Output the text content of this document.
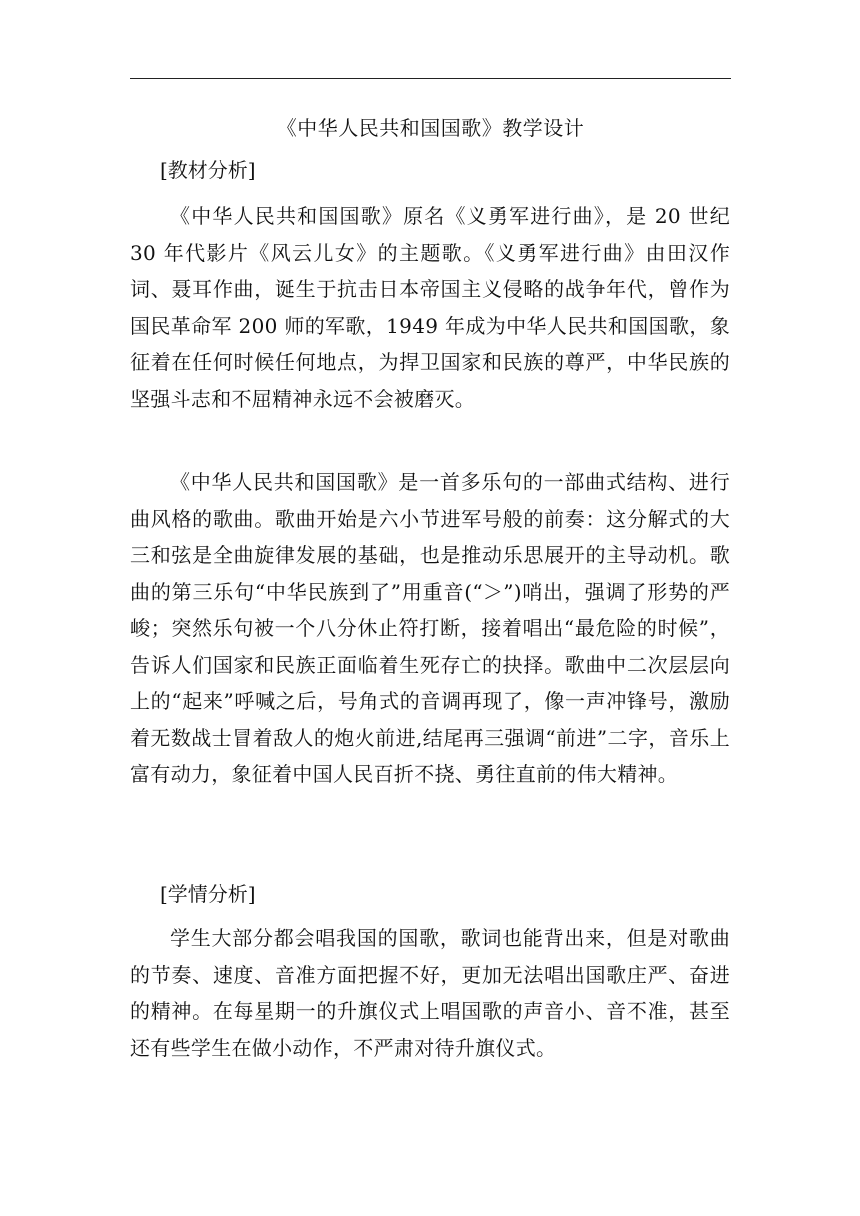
《中华人民共和国国歌》教学设计
[教材分析]
《中华人民共和国国歌》原名《义勇军进行曲》，是 20 世纪 30 年代影片《风云儿女》的主题歌。《义勇军进行曲》由田汉作词、聂耳作曲，诞生于抗击日本帝国主义侵略的战争年代，曾作为国民革命军 200 师的军歌，1949 年成为中华人民共和国国歌，象征着在任何时候任何地点，为捍卫国家和民族的尊严，中华民族的坚强斗志和不屈精神永远不会被磨灭。
《中华人民共和国国歌》是一首多乐句的一部曲式结构、进行曲风格的歌曲。歌曲开始是六小节进军号般的前奏：这分解式的大三和弦是全曲旋律发展的基础，也是推动乐思展开的主导动机。歌曲的第三乐句“中华民族到了”用重音(“＞”)哨出，强调了形势的严峻；突然乐句被一个八分休止符打断，接着唱出“最危险的时候”，告诉人们国家和民族正面临着生死存亡的抉择。歌曲中二次层层向上的“起来”呼喊之后，号角式的音调再现了，像一声冲锋号，激励着无数战士冒着敌人的炮火前进,结尾再三强调“前进”二字，音乐上富有动力，象征着中国人民百折不挠、勇往直前的伟大精神。
[学情分析]
学生大部分都会唱我国的国歌，歌词也能背出来，但是对歌曲的节奏、速度、音准方面把握不好，更加无法唱出国歌庄严、奋进的精神。在每星期一的升旗仪式上唱国歌的声音小、音不准，甚至还有些学生在做小动作，不严肃对待升旗仪式。
